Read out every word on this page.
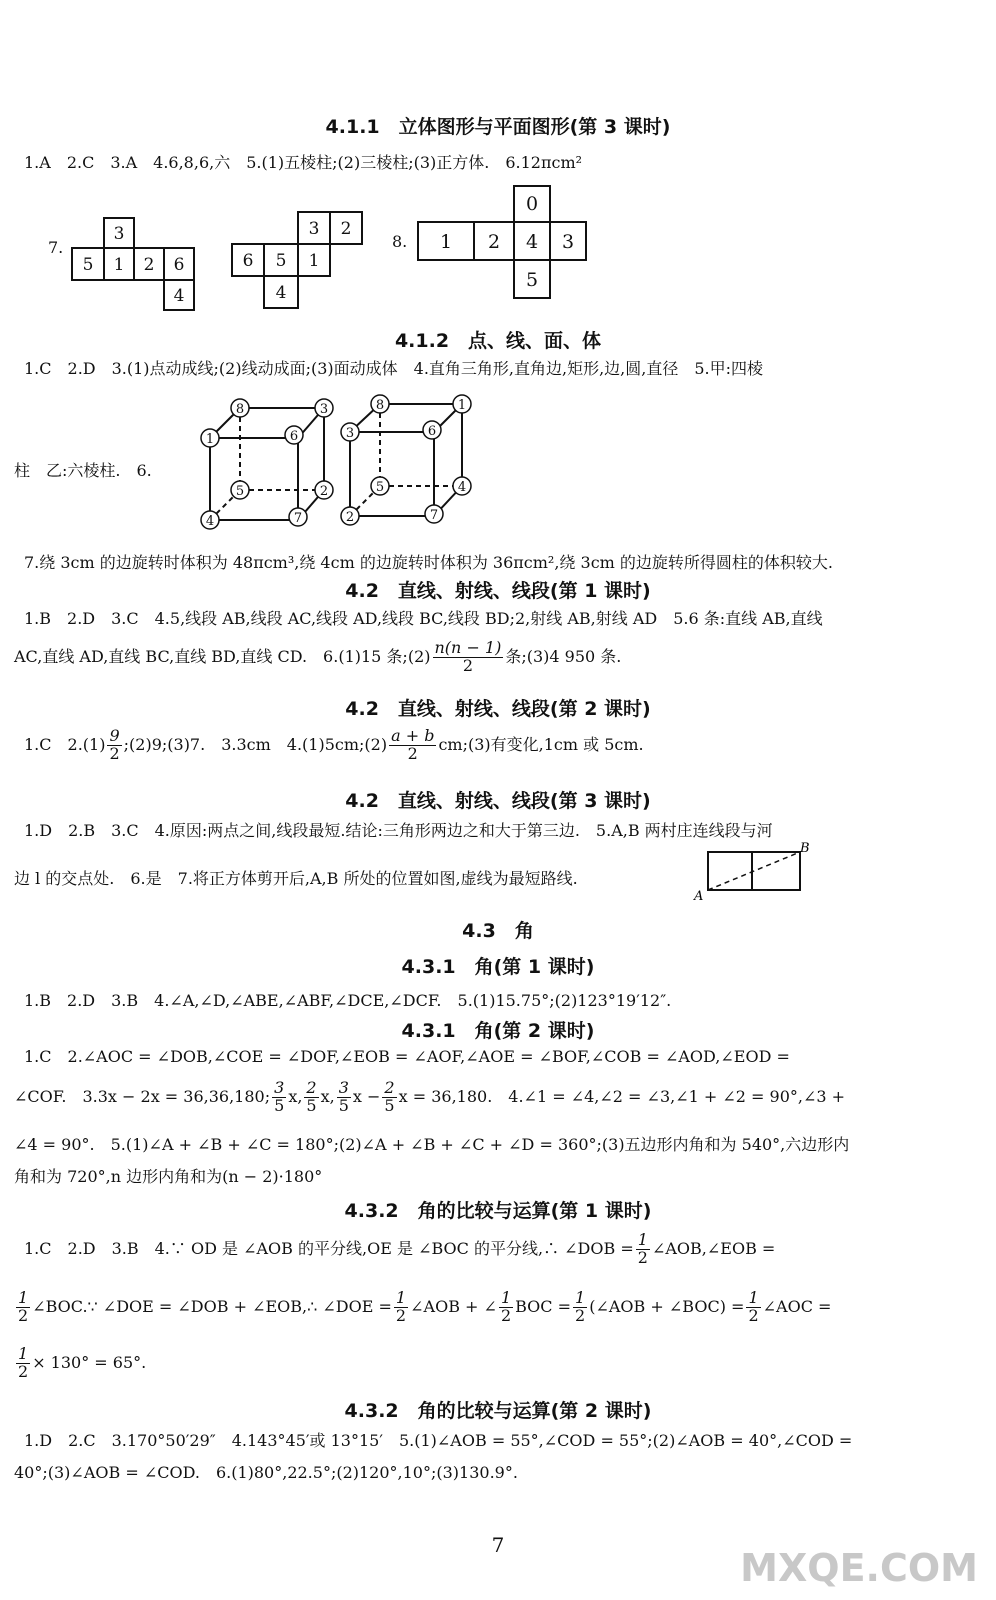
4.1.1　立体图形与平面图形(第 3 课时)
1.A　2.C　3.A　4.6,8,6,六　5.(1)五棱柱;(2)三棱柱;(3)正方体.　6.12πcm²
7.	8.
3
5 1 2 6
4
3 2
6 5 1
4
0
1 2 4 3
5
8	3
1	6
5	2
4	7
8	1
3	6
5	4
2	7
4.1.2　点、线、面、体
1.C　2.D　3.(1)点动成线;(2)线动成面;(3)面动成体　4.直角三角形,直角边,矩形,边,圆,直径　5.甲:四棱
柱　乙:六棱柱.　6.
7.绕 3cm 的边旋转时体积为 48πcm³,绕 4cm 的边旋转时体积为 36πcm²,绕 3cm 的边旋转所得圆柱的体积较大.
4.2　直线、射线、线段(第 1 课时)
1.B　2.D　3.C　4.5,线段 AB,线段 AC,线段 AD,线段 BC,线段 BD;2,射线 AB,射线 AD　5.6 条:直线 AB,直线
AC,直线 AD,直线 BC,直线 BD,直线 CD.　6.(1)15 条;(2) $\frac{n(n - 1)}{2}$ 条;(3)4 950 条.
4.2　直线、射线、线段(第 2 课时)
1.C　$2.(1) \frac{9}{2}$ ;(2)9;(3)7.　3.3cm　4.(1)5cm;(2) $\frac{a + b}{2}$ cm;(3)有变化,1cm 或 5cm.
4.2　直线、射线、线段(第 3 课时)
1.D　2.B　3.C　4.原因:两点之间,线段最短.结论:三角形两边之和大于第三边.　5.A,B 两村庄连线段与河
边 l 的交点处.　6.是　7.将正方体剪开后,A,B 所处的位置如图,虚线为最短路线.
A
B
4.3　角
4.3.1　角(第 1 课时)
1.B　2.D　3.B　4.∠A,∠D,∠ABE,∠ABF,∠DCE,∠DCF.　5.(1)15.75°;(2)123°19′12″.
4.3.1　角(第 2 课时)
1.C　2.∠AOC = ∠DOB,∠COE = ∠DOF,∠EOB = ∠AOF,∠AOE = ∠BOF,∠COB = ∠AOD,∠EOD =
∠COF.　3.3x − 2x = 36,36,180; $\frac{3}{5} x$, $\frac{2}{5} x$, $\frac{3}{5}$ $x - \frac{2}{5}$ x = 36,180.　4.∠1 = ∠4,∠2 = ∠3,∠1 + ∠2 = 90°,∠3 +
∠4 = 90°.　5.(1)∠A + ∠B + ∠C = 180°;(2)∠A + ∠B + ∠C + ∠D = 360°;(3)五边形内角和为 540°,六边形内
角和为 720°,n 边形内角和为(n − 2)·180°
4.3.2　角的比较与运算(第 1 课时)
1.C　2.D　3.B　4.∵ OD 是 ∠AOB 的平分线,OE 是 ∠BOC 的平分线,∴ ∠DOB = $\frac{1}{2}$ ∠AOB,∠EOB =
$\frac{1}{2}$ ∠BOC.∵ ∠DOE = ∠DOB + ∠EOB,∴ ∠DOE = $\frac{1}{2}$ ∠AOB + ∠ $\frac{1}{2}$ BOC = $\frac{1}{2}$ (∠AOB + ∠BOC) = $\frac{1}{2}$ ∠AOC =
$\frac{1}{2} \times 130^\circ = 65^\circ$.
4.3.2　角的比较与运算(第 2 课时)
1.D　2.C　3.170°50′29″　4.143°45′或 13°15′　5.(1)∠AOB = 55°,∠COD = 55°;(2)∠AOB = 40°,∠COD =
40°;(3)∠AOB = ∠COD.　6.(1)80°,22.5°;(2)120°,10°;(3)130.9°.
7
MXQE.COM
